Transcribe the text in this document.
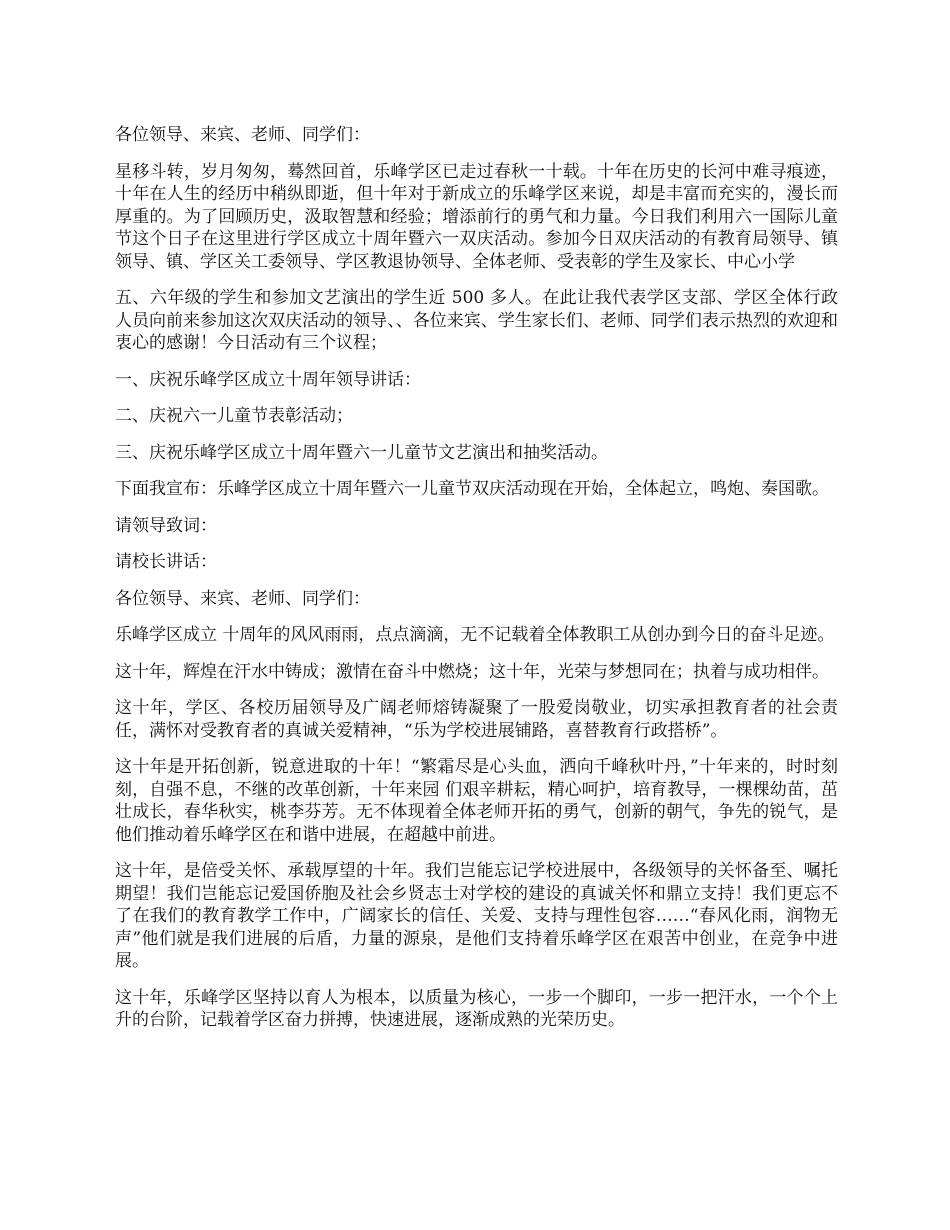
各位领导、来宾、老师、同学们：

星移斗转，岁月匆匆，蓦然回首，乐峰学区已走过春秋一十载。十年在历史的长河中难寻痕迹，十年在人生的经历中稍纵即逝，但十年对于新成立的乐峰学区来说，却是丰富而充实的，漫长而厚重的。为了回顾历史，汲取智慧和经验；增添前行的勇气和力量。今日我们利用六一国际儿童节这个日子在这里进行学区成立十周年暨六一双庆活动。参加今日双庆活动的有教育局领导、镇领导、镇、学区关工委领导、学区教退协领导、全体老师、受表彰的学生及家长、中心小学

五、六年级的学生和参加文艺演出的学生近 500 多人。在此让我代表学区支部、学区全体行政人员向前来参加这次双庆活动的领导、、各位来宾、学生家长们、老师、同学们表示热烈的欢迎和衷心的感谢！今日活动有三个议程；

一、庆祝乐峰学区成立十周年领导讲话：

二、庆祝六一儿童节表彰活动；

三、庆祝乐峰学区成立十周年暨六一儿童节文艺演出和抽奖活动。

下面我宣布：乐峰学区成立十周年暨六一儿童节双庆活动现在开始，全体起立，鸣炮、奏国歌。

请领导致词：

请校长讲话：

各位领导、来宾、老师、同学们：

乐峰学区成立 十周年的风风雨雨，点点滴滴，无不记载着全体教职工从创办到今日的奋斗足迹。

这十年，辉煌在汗水中铸成；激情在奋斗中燃烧；这十年，光荣与梦想同在；执着与成功相伴。

这十年，学区、各校历届领导及广阔老师熔铸凝聚了一股爱岗敬业，切实承担教育者的社会责任，满怀对受教育者的真诚关爱精神，“乐为学校进展铺路，喜替教育行政搭桥”。

这十年是开拓创新，锐意进取的十年！“繁霜尽是心头血，洒向千峰秋叶丹，”十年来的，时时刻刻，自强不息，不继的改革创新，十年来园 们艰辛耕耘，精心呵护，培育教导，一棵棵幼苗，茁壮成长，春华秋实，桃李芬芳。无不体现着全体老师开拓的勇气，创新的朝气，争先的锐气，是他们推动着乐峰学区在和谐中进展，在超越中前进。

这十年，是倍受关怀、承载厚望的十年。我们岂能忘记学校进展中，各级领导的关怀备至、嘱托期望！我们岂能忘记爱国侨胞及社会乡贤志士对学校的建设的真诚关怀和鼎立支持！我们更忘不了在我们的教育教学工作中，广阔家长的信任、关爱、支持与理性包容……“春风化雨，润物无声”他们就是我们进展的后盾，力量的源泉，是他们支持着乐峰学区在艰苦中创业，在竞争中进展。

这十年，乐峰学区坚持以育人为根本，以质量为核心，一步一个脚印，一步一把汗水，一个个上升的台阶，记载着学区奋力拼搏，快速进展，逐渐成熟的光荣历史。
